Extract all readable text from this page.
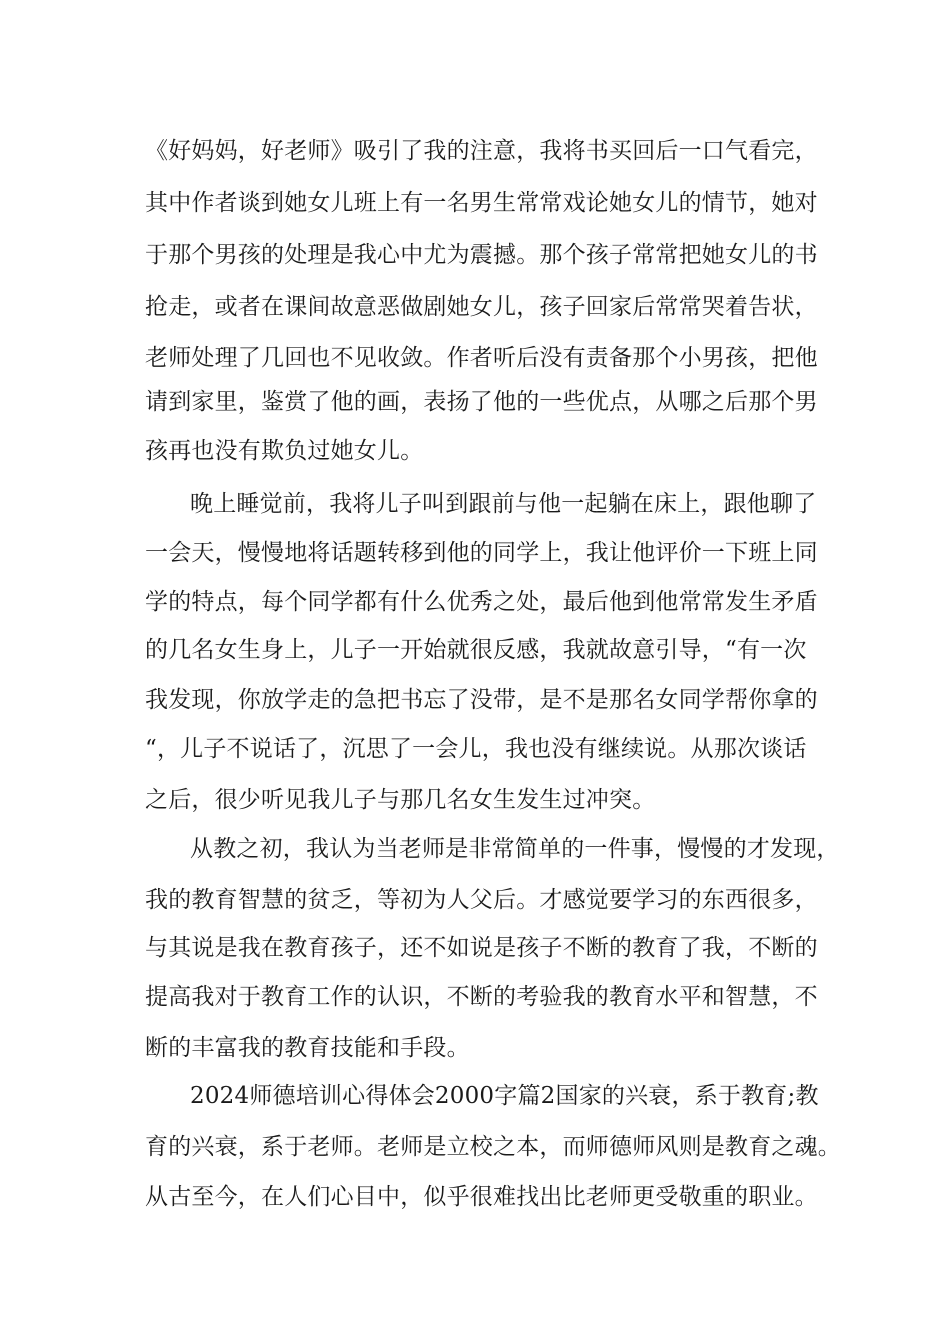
《好妈妈，好老师》吸引了我的注意，我将书买回后一口气看完，
其中作者谈到她女儿班上有一名男生常常戏论她女儿的情节，她对
于那个男孩的处理是我心中尤为震撼。那个孩子常常把她女儿的书
抢走，或者在课间故意恶做剧她女儿，孩子回家后常常哭着告状，
老师处理了几回也不见收敛。作者听后没有责备那个小男孩，把他
请到家里，鉴赏了他的画，表扬了他的一些优点，从哪之后那个男
孩再也没有欺负过她女儿。
晚上睡觉前，我将儿子叫到跟前与他一起躺在床上，跟他聊了
一会天，慢慢地将话题转移到他的同学上，我让他评价一下班上同
学的特点，每个同学都有什么优秀之处，最后他到他常常发生矛盾
的几名女生身上，儿子一开始就很反感，我就故意引导，“有一次
我发现，你放学走的急把书忘了没带，是不是那名女同学帮你拿的
“，儿子不说话了，沉思了一会儿，我也没有继续说。从那次谈话
之后，很少听见我儿子与那几名女生发生过冲突。
从教之初，我认为当老师是非常简单的一件事，慢慢的才发现，
我的教育智慧的贫乏，等初为人父后。才感觉要学习的东西很多，
与其说是我在教育孩子，还不如说是孩子不断的教育了我，不断的
提高我对于教育工作的认识，不断的考验我的教育水平和智慧，不
断的丰富我的教育技能和手段。
2024师德培训心得体会2000字篇2国家的兴衰，系于教育;教
育的兴衰，系于老师。老师是立校之本，而师德师风则是教育之魂。
从古至今，在人们心目中，似乎很难找出比老师更受敬重的职业。
